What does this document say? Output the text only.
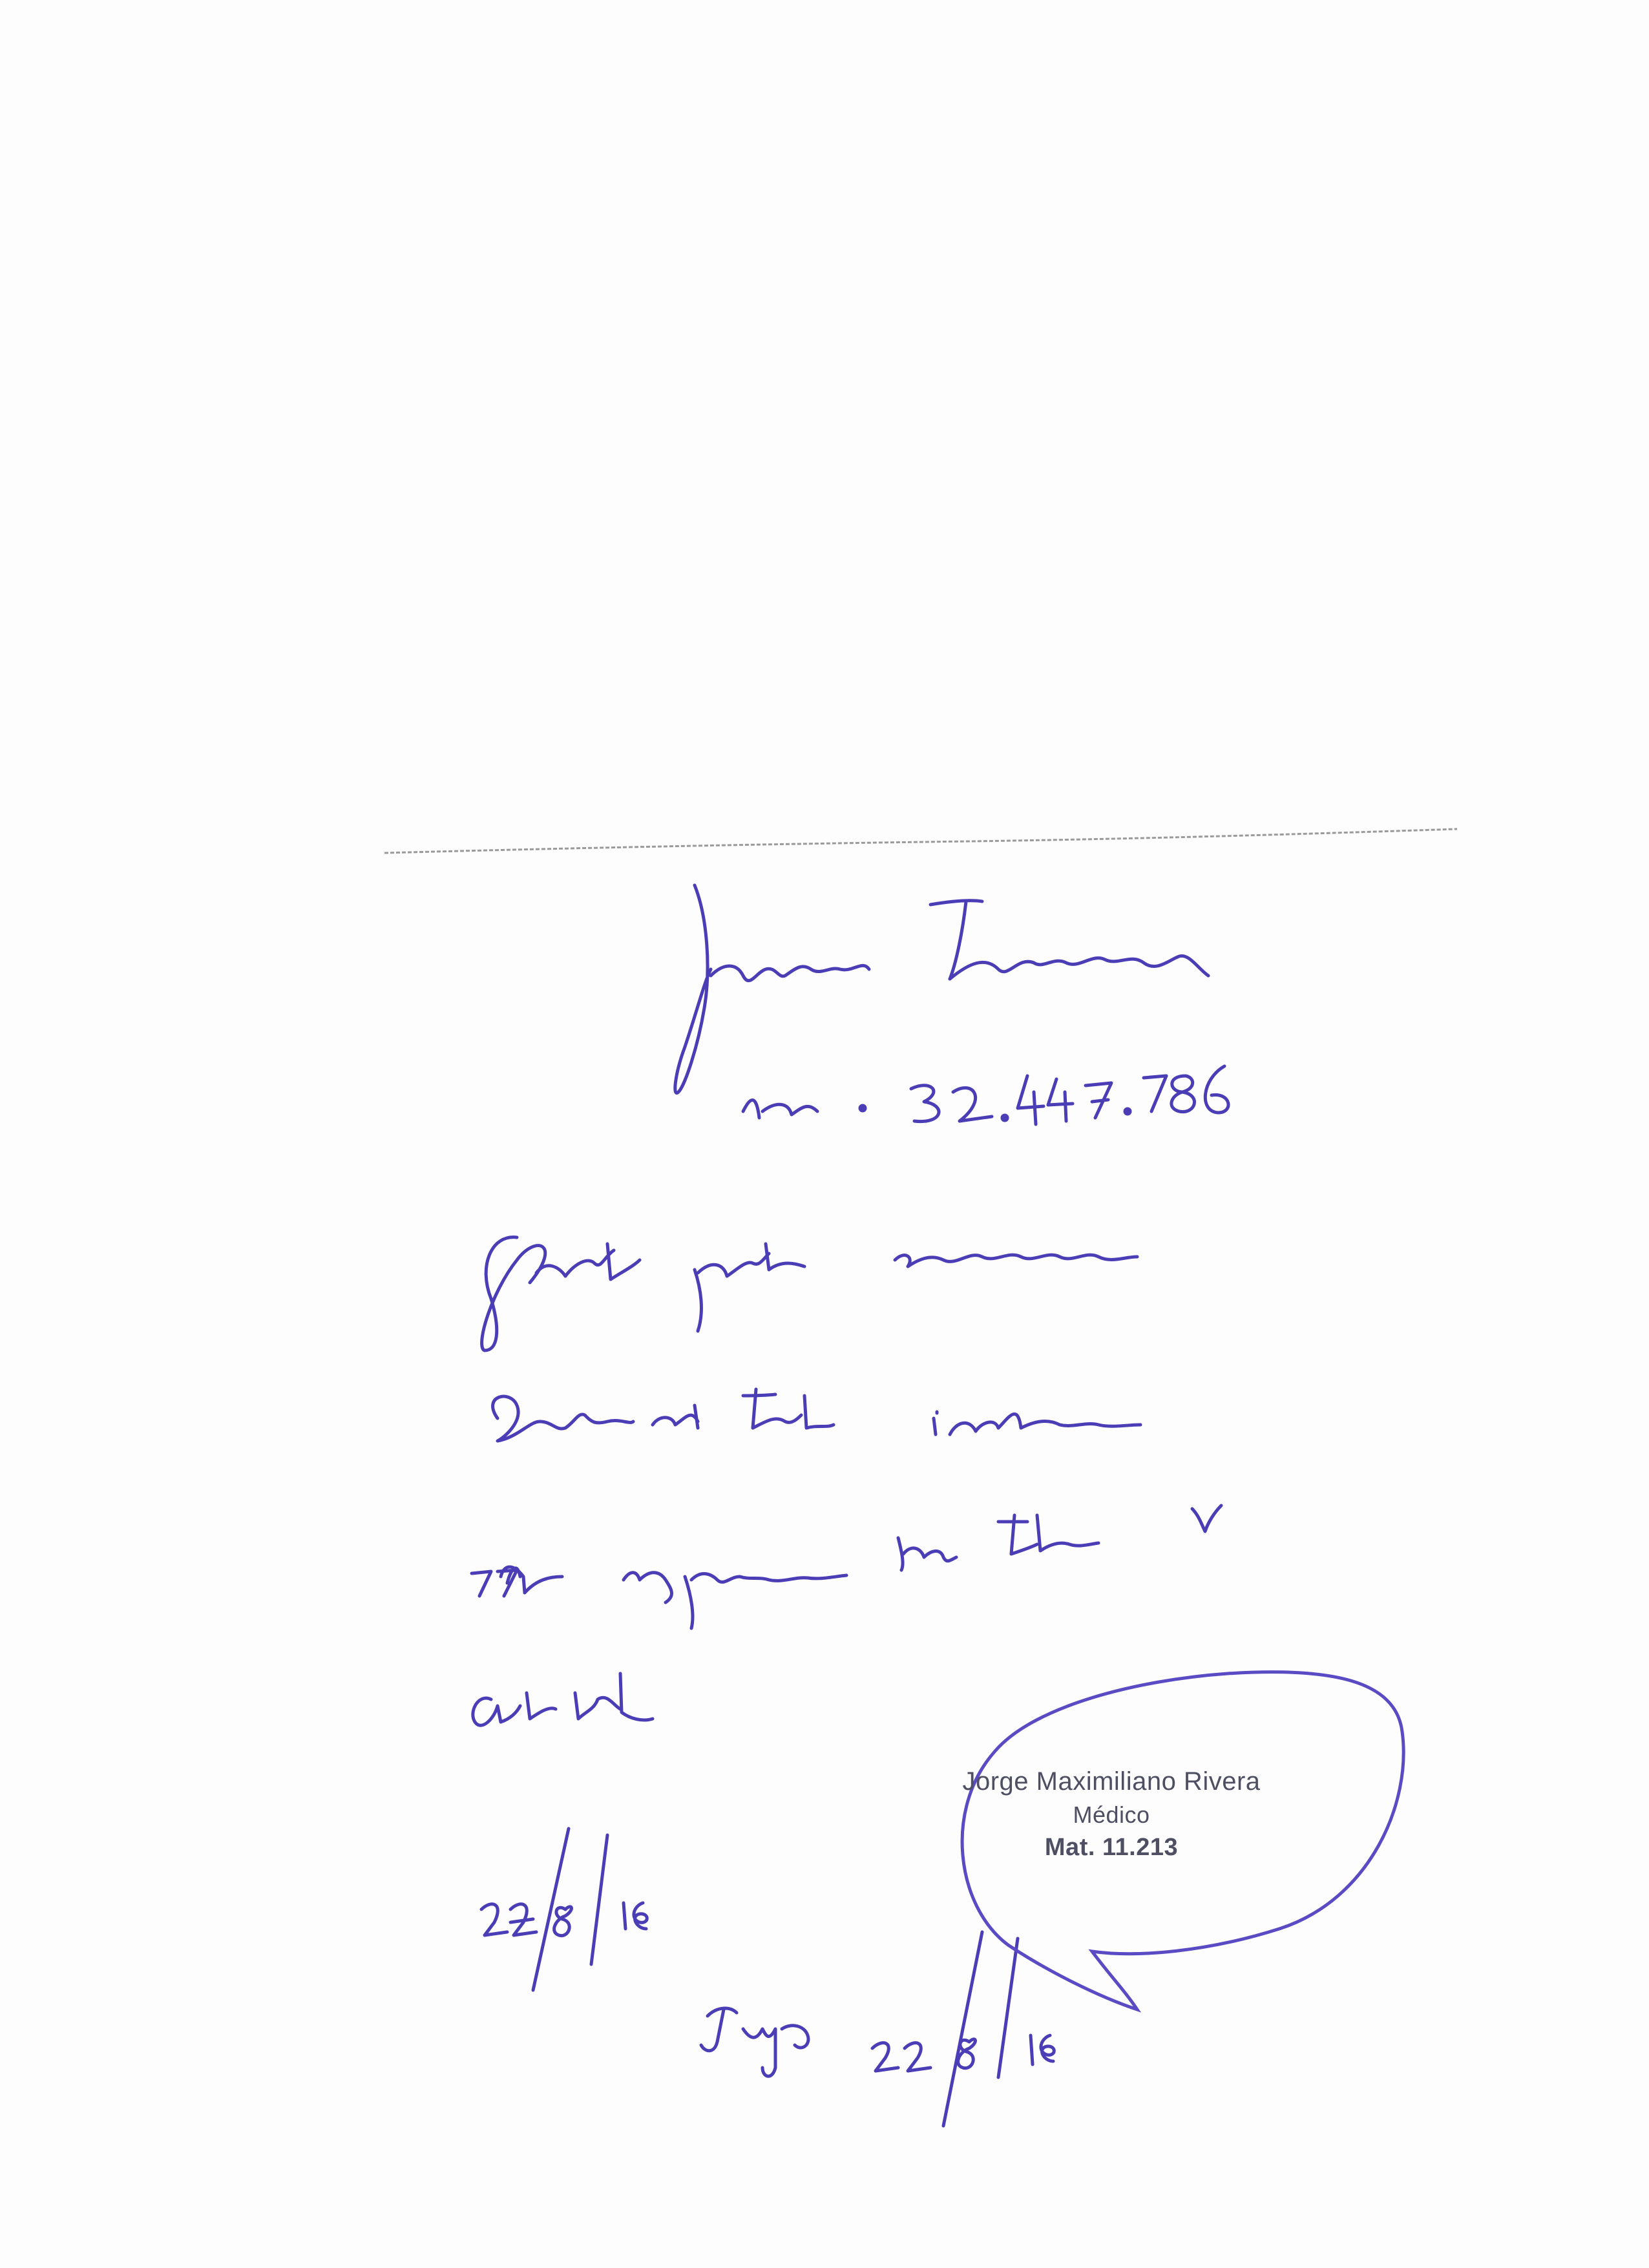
Jorge Maximiliano Rivera
Médico
Mat. 11.213
